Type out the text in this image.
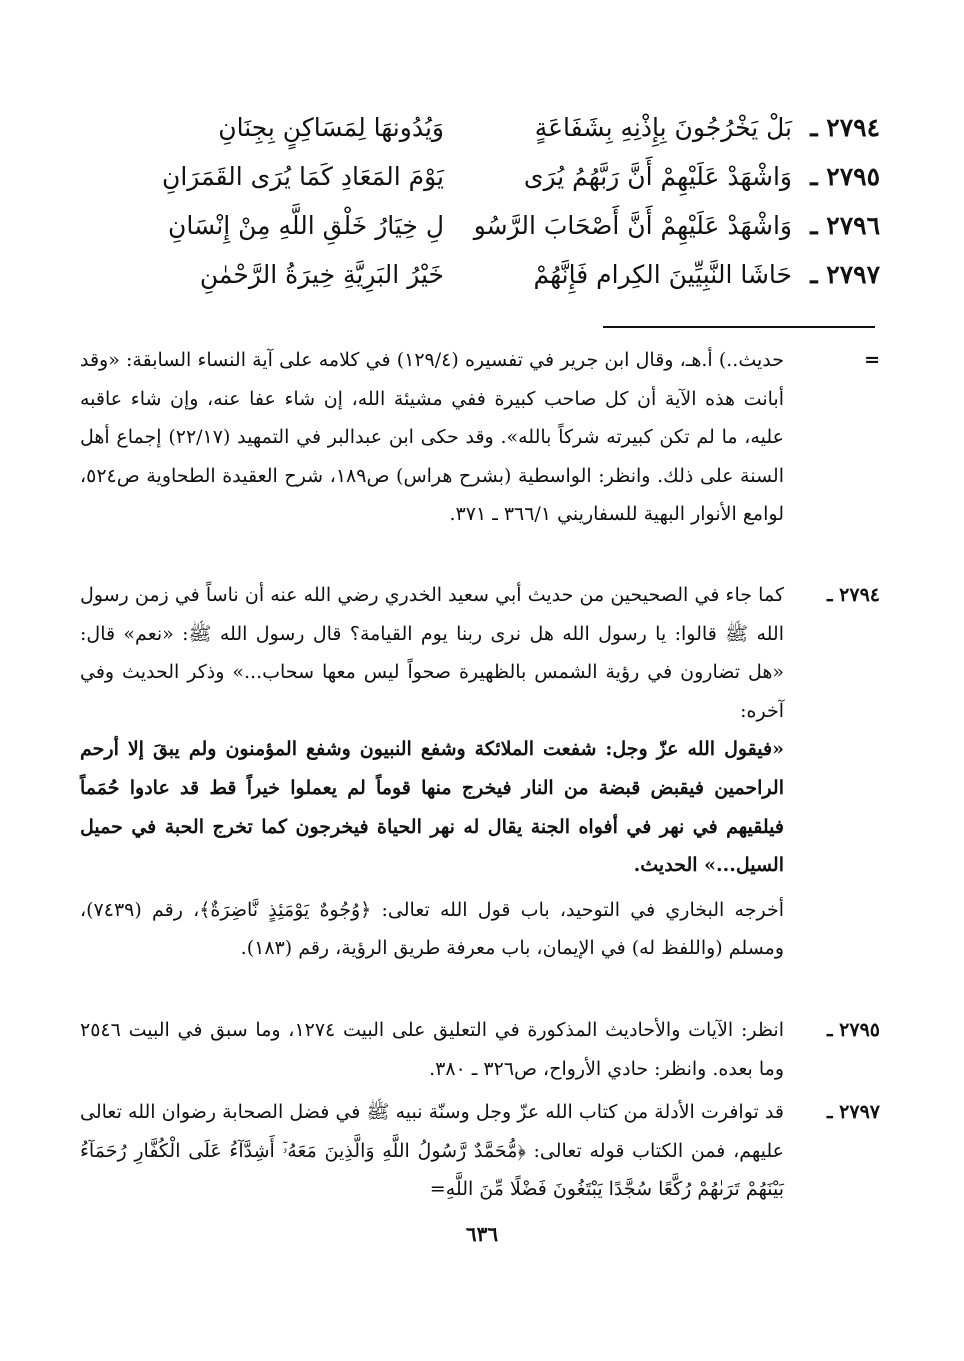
٢٧٩٤ ـ
بَلْ يَخْرُجُونَ بِإِذْنِهِ بِشَفَاعَةٍ
وَيُدُونهَا لِمَسَاكِنٍ بِجِنَانِ
٢٧٩٥ ـ
وَاشْهَدْ عَلَيْهِمْ أَنَّ رَبَّهُمُ يُرَى
يَوْمَ المَعَادِ كَمَا يُرَى القَمَرَانِ
٢٧٩٦ ـ
وَاشْهَدْ عَلَيْهِمْ أَنَّ أَصْحَابَ الرَّسُو
لِ خِيَارُ خَلْقِ اللَّهِ مِنْ إِنْسَانِ
٢٧٩٧ ـ
حَاشَا النَّبِيِّينَ الكِرام فَإِنَّهُمْ
خَيْرُ البَرِيَّةِ خِيرَةُ الرَّحْمٰنِ
=

حديث..) أ.هـ، وقال ابن جرير في تفسيره (١٢٩/٤) في كلامه على آية النساء السابقة: «وقد أبانت هذه الآية أن كل صاحب كبيرة ففي مشيئة الله، إن شاء عفا عنه، وإن شاء عاقبه عليه، ما لم تكن كبيرته شركاً بالله». وقد حكى ابن عبدالبر في التمهيد (٢٢/١٧) إجماع أهل السنة على ذلك. وانظر: الواسطية (بشرح هراس) ص١٨٩، شرح العقيدة الطحاوية ص٥٢٤، لوامع الأنوار البهية للسفاريني ٣٦٦/١ ـ ٣٧١.

٢٧٩٤ ـ

كما جاء في الصحيحين من حديث أبي سعيد الخدري رضي الله عنه أن ناساً في زمن رسول الله ﷺ قالوا: يا رسول الله هل نرى ربنا يوم القيامة؟ قال رسول الله ﷺ: «نعم» قال: «هل تضارون في رؤية الشمس بالظهيرة صحواً ليس معها سحاب...» وذكر الحديث وفي آخره:

«فيقول الله عزّ وجل: شفعت الملائكة وشفع النبيون وشفع المؤمنون ولم يبقَ إلا أرحم الراحمين فيقبض قبضة من النار فيخرج منها قوماً لم يعملوا خيراً قط قد عادوا حُمَماً فيلقيهم في نهر في أفواه الجنة يقال له نهر الحياة فيخرجون كما تخرج الحبة في حميل السيل...» الحديث.

أخرجه البخاري في التوحيد، باب قول الله تعالى: ﴿وُجُوهٌ يَوْمَئِذٍ نَّاضِرَةٌ﴾، رقم (٧٤٣٩)، ومسلم (واللفظ له) في الإيمان، باب معرفة طريق الرؤية، رقم (١٨٣).

٢٧٩٥ ـ

انظر: الآيات والأحاديث المذكورة في التعليق على البيت ١٢٧٤، وما سبق في البيت ٢٥٤٦ وما بعده. وانظر: حادي الأرواح، ص٣٢٦ ـ ٣٨٠.

٢٧٩٧ ـ

قد توافرت الأدلة من كتاب الله عزّ وجل وسنّة نبيه ﷺ في فضل الصحابة رضوان الله تعالى عليهم، فمن الكتاب قوله تعالى: ﴿مُّحَمَّدٌ رَّسُولُ اللَّهِ وَالَّذِينَ مَعَهُۥٓ أَشِدَّآءُ عَلَى الْكُفَّارِ رُحَمَآءُ بَيْنَهُمْ تَرَىٰهُمْ رُكَّعًا سُجَّدًا يَبْتَغُونَ فَضْلًا مِّنَ اللَّهِ=

٦٣٦
